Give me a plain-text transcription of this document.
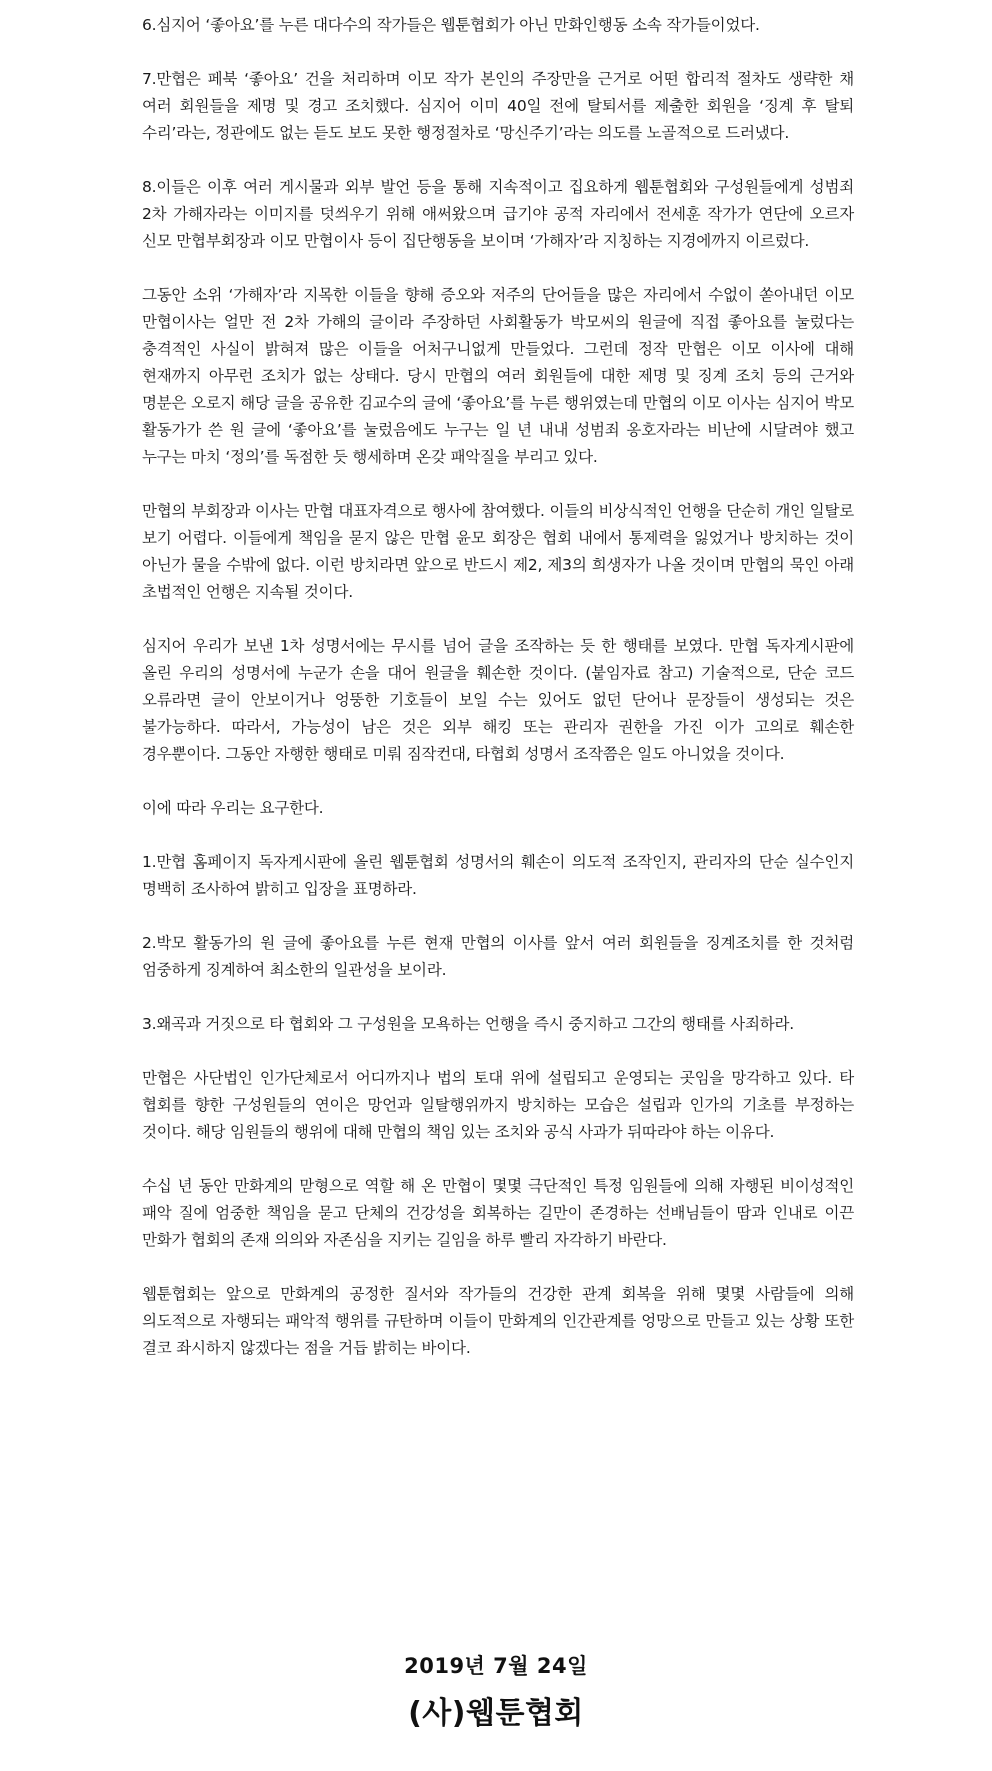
6.심지어 ‘좋아요’를 누른 대다수의 작가들은 웹툰협회가 아닌 만화인행동 소속 작가들이었다.

7.만협은 페북 ‘좋아요’ 건을 처리하며 이모 작가 본인의 주장만을 근거로 어떤 합리적 절차도 생략한 채 여러 회원들을 제명 및 경고 조치했다. 심지어 이미 40일 전에 탈퇴서를 제출한 회원을 ‘징계 후 탈퇴 수리’라는, 정관에도 없는 듣도 보도 못한 행정절차로 ‘망신주기’라는 의도를 노골적으로 드러냈다.

8.이들은 이후 여러 게시물과 외부 발언 등을 통해 지속적이고 집요하게 웹툰협회와 구성원들에게 성범죄 2차 가해자라는 이미지를 덧씌우기 위해 애써왔으며 급기야 공적 자리에서 전세훈 작가가 연단에 오르자 신모 만협부회장과 이모 만협이사 등이 집단행동을 보이며 ‘가해자’라 지칭하는 지경에까지 이르렀다.

그동안 소위 ‘가해자’라 지목한 이들을 향해 증오와 저주의 단어들을 많은 자리에서 수없이 쏟아내던 이모 만협이사는 얼만 전 2차 가해의 글이라 주장하던 사회활동가 박모씨의 원글에 직접 좋아요를 눌렀다는 충격적인 사실이 밝혀져 많은 이들을 어처구니없게 만들었다. 그런데 정작 만협은 이모 이사에 대해 현재까지 아무런 조치가 없는 상태다. 당시 만협의 여러 회원들에 대한 제명 및 징계 조치 등의 근거와 명분은 오로지 해당 글을 공유한 김교수의 글에 ‘좋아요’를 누른 행위였는데 만협의 이모 이사는 심지어 박모 활동가가 쓴 원 글에 ‘좋아요’를 눌렀음에도 누구는 일 년 내내 성범죄 옹호자라는 비난에 시달려야 했고 누구는 마치 ‘정의’를 독점한 듯 행세하며 온갖 패악질을 부리고 있다.

만협의 부회장과 이사는 만협 대표자격으로 행사에 참여했다. 이들의 비상식적인 언행을 단순히 개인 일탈로 보기 어렵다. 이들에게 책임을 묻지 않은 만협 윤모 회장은 협회 내에서 통제력을 잃었거나 방치하는 것이 아닌가 물을 수밖에 없다. 이런 방치라면 앞으로 반드시 제2, 제3의 희생자가 나올 것이며 만협의 묵인 아래 초법적인 언행은 지속될 것이다.

심지어 우리가 보낸 1차 성명서에는 무시를 넘어 글을 조작하는 듯 한 행태를 보였다. 만협 독자게시판에 올린 우리의 성명서에 누군가 손을 대어 원글을 훼손한 것이다. (붙임자료 참고) 기술적으로, 단순 코드 오류라면 글이 안보이거나 엉뚱한 기호들이 보일 수는 있어도 없던 단어나 문장들이 생성되는 것은 불가능하다. 따라서, 가능성이 남은 것은 외부 해킹 또는 관리자 권한을 가진 이가 고의로 훼손한 경우뿐이다. 그동안 자행한 행태로 미뤄 짐작컨대, 타협회 성명서 조작쯤은 일도 아니었을 것이다.

이에 따라 우리는 요구한다.

1.만협 홈페이지 독자게시판에 올린 웹툰협회 성명서의 훼손이 의도적 조작인지, 관리자의 단순 실수인지 명백히 조사하여 밝히고 입장을 표명하라.

2.박모 활동가의 원 글에 좋아요를 누른 현재 만협의 이사를 앞서 여러 회원들을 징계조치를 한 것처럼 엄중하게 징계하여 최소한의 일관성을 보이라.

3.왜곡과 거짓으로 타 협회와 그 구성원을 모욕하는 언행을 즉시 중지하고 그간의 행태를 사죄하라.

만협은 사단법인 인가단체로서 어디까지나 법의 토대 위에 설립되고 운영되는 곳임을 망각하고 있다. 타 협회를 향한 구성원들의 연이은 망언과 일탈행위까지 방치하는 모습은 설립과 인가의 기초를 부정하는 것이다. 해당 임원들의 행위에 대해 만협의 책임 있는 조치와 공식 사과가 뒤따라야 하는 이유다.

수십 년 동안 만화계의 맏형으로 역할 해 온 만협이 몇몇 극단적인 특정 임원들에 의해 자행된 비이성적인 패악 질에 엄중한 책임을 묻고 단체의 건강성을 회복하는 길만이 존경하는 선배님들이 땀과 인내로 이끈 만화가 협회의 존재 의의와 자존심을 지키는 길임을 하루 빨리 자각하기 바란다.

웹툰협회는 앞으로 만화계의 공정한 질서와 작가들의 건강한 관계 회복을 위해 몇몇 사람들에 의해 의도적으로 자행되는 패악적 행위를 규탄하며 이들이 만화계의 인간관계를 엉망으로 만들고 있는 상황 또한 결코 좌시하지 않겠다는 점을 거듭 밝히는 바이다.

2019년 7월 24일
(사)웹툰협회
